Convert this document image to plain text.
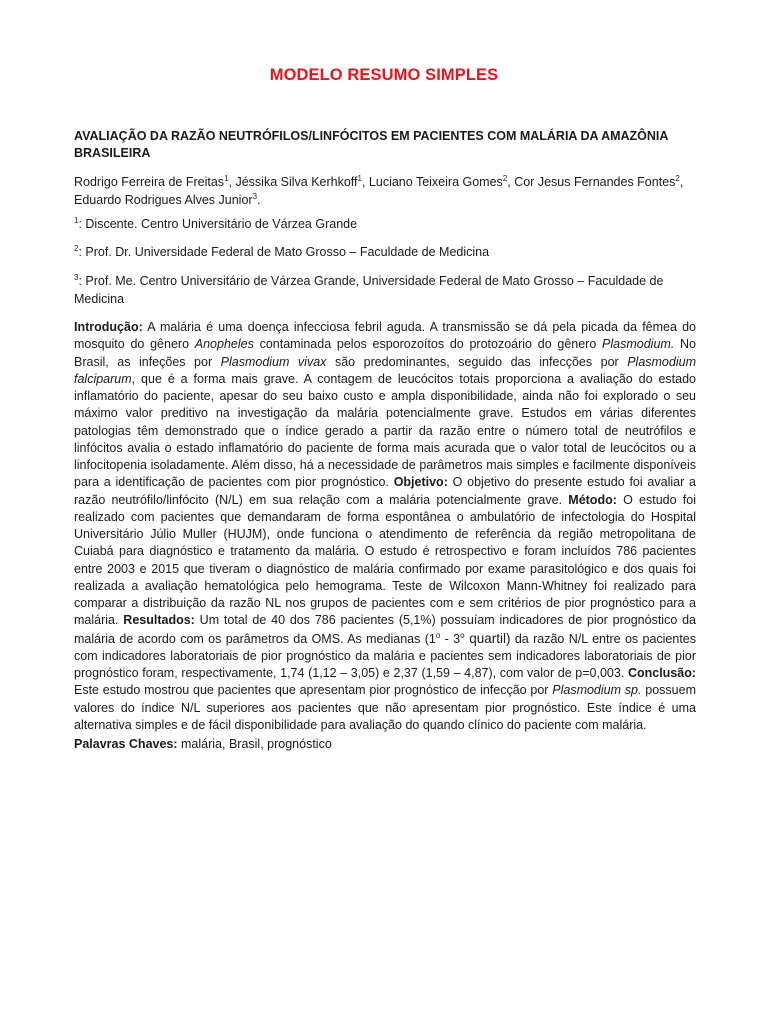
MODELO RESUMO SIMPLES

AVALIAÇÃO DA RAZÃO NEUTRÓFILOS/LINFÓCITOS EM PACIENTES COM MALÁRIA DA AMAZÔNIA BRASILEIRA

Rodrigo Ferreira de Freitas$^1$, Jéssika Silva Kerhkoff$^1$, Luciano Teixeira Gomes$^2$, Cor Jesus Fernandes Fontes$^2$, Eduardo Rodrigues Alves Junior$^3$.

$^1$: Discente. Centro Universitário de Várzea Grande

$^2$: Prof. Dr. Universidade Federal de Mato Grosso – Faculdade de Medicina

$^3$: Prof. Me. Centro Universitário de Várzea Grande, Universidade Federal de Mato Grosso – Faculdade de Medicina

Introdução: A malária é uma doença infecciosa febril aguda. A transmissão se dá pela picada da fêmea do mosquito do gênero Anopheles contaminada pelos esporozoítos do protozoário do gênero Plasmodium. No Brasil, as infeções por Plasmodium vivax são predominantes, seguido das infecções por Plasmodium falciparum, que é a forma mais grave. A contagem de leucócitos totais proporciona a avaliação do estado inflamatório do paciente, apesar do seu baixo custo e ampla disponibilidade, ainda não foi explorado o seu máximo valor preditivo na investigação da malária potencialmente grave. Estudos em várias diferentes patologias têm demonstrado que o índice gerado a partir da razão entre o número total de neutrófilos e linfócitos avalia o estado inflamatório do paciente de forma mais acurada que o valor total de leucócitos ou a linfocitopenia isoladamente. Além disso, há a necessidade de parâmetros mais simples e facilmente disponíveis para a identificação de pacientes com pior prognóstico. Objetivo: O objetivo do presente estudo foi avaliar a razão neutrófilo/linfócito (N/L) em sua relação com a malária potencialmente grave. Método: O estudo foi realizado com pacientes que demandaram de forma espontânea o ambulatório de infectologia do Hospital Universitário Júlio Muller (HUJM), onde funciona o atendimento de referência da região metropolitana de Cuiabá para diagnóstico e tratamento da malária. O estudo é retrospectivo e foram incluídos 786 pacientes entre 2003 e 2015 que tiveram o diagnóstico de malária confirmado por exame parasitológico e dos quais foi realizada a avaliação hematológica pelo hemograma. Teste de Wilcoxon Mann-Whitney foi realizado para comparar a distribuição da razão NL nos grupos de pacientes com e sem critérios de pior prognóstico para a malária. Resultados: Um total de 40 dos 786 pacientes (5,1%) possuíam indicadores de pior prognóstico da malária de acordo com os parâmetros da OMS. As medianas (1$^o$ - 3$^o$ quartil) da razão N/L entre os pacientes com indicadores laboratoriais de pior prognóstico da malária e pacientes sem indicadores laboratoriais de pior prognóstico foram, respectivamente, 1,74 (1,12 – 3,05) e 2,37 (1,59 – 4,87), com valor de p=0,003. Conclusão: Este estudo mostrou que pacientes que apresentam pior prognóstico de infecção por Plasmodium sp. possuem valores do índice N/L superiores aos pacientes que não apresentam pior prognóstico. Este índice é uma alternativa simples e de fácil disponibilidade para avaliação do quando clínico do paciente com malária.

Palavras Chaves: malária, Brasil, prognóstico
